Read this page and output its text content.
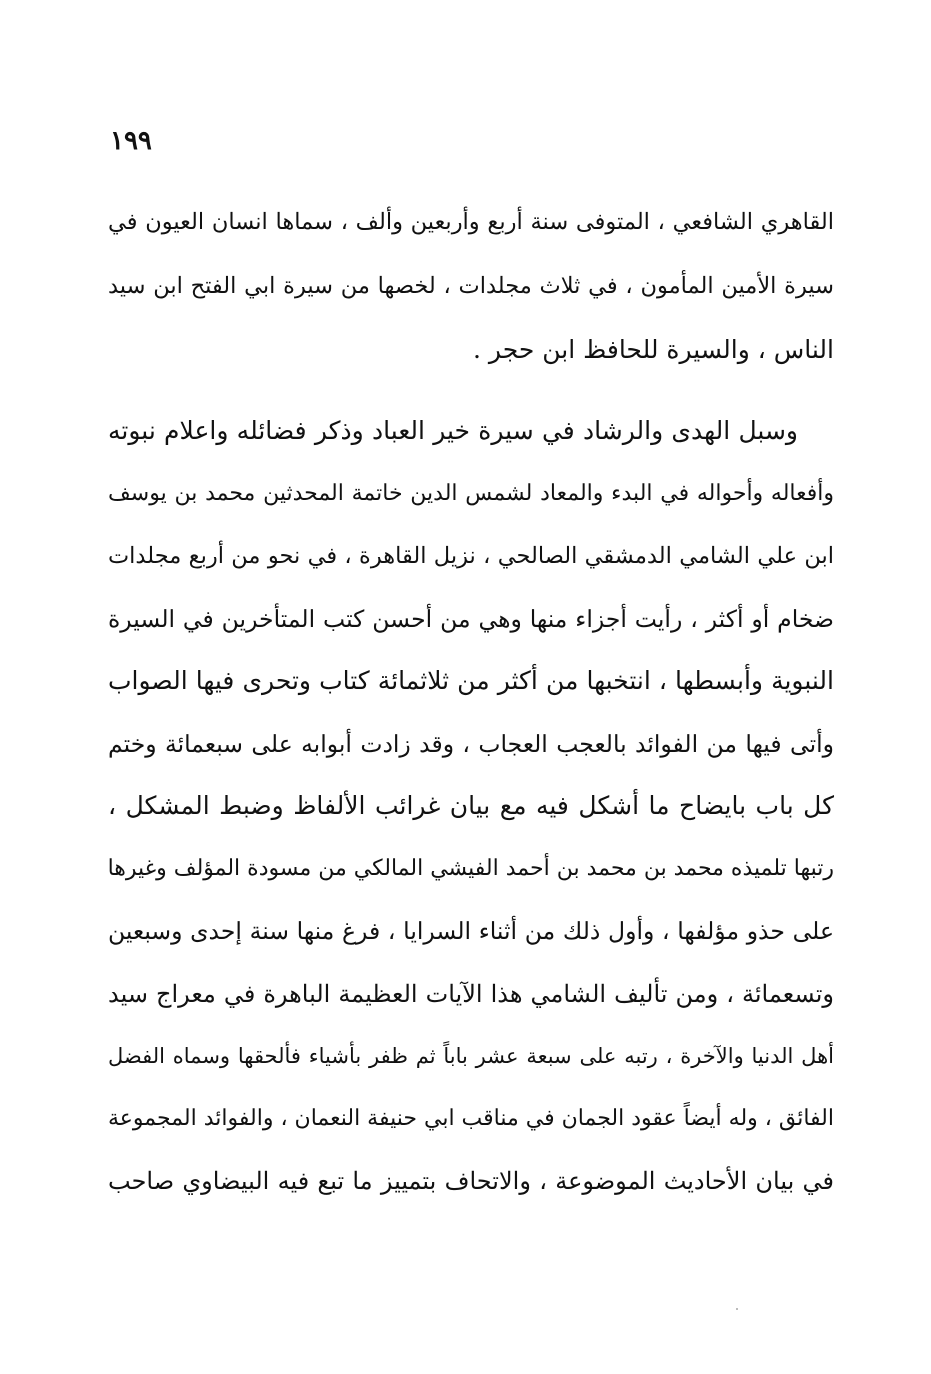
١٩٩
القاهري الشافعي ، المتوفى سنة أربع وأربعين وألف ، سماها انسان العيون في
سيرة الأمين المأمون ، في ثلاث مجلدات ، لخصها من سيرة ابي الفتح ابن سيد
الناس ، والسيرة للحافظ ابن حجر .
وسبل الهدى والرشاد في سيرة خير العباد وذكر فضائله واعلام نبوته
وأفعاله وأحواله في البدء والمعاد لشمس الدين خاتمة المحدثين محمد بن يوسف
ابن علي الشامي الدمشقي الصالحي ، نزيل القاهرة ، في نحو من أربع مجلدات
ضخام أو أكثر ، رأيت أجزاء منها وهي من أحسن كتب المتأخرين في السيرة
النبوية وأبسطها ، انتخبها من أكثر من ثلاثمائة كتاب وتحرى فيها الصواب
وأتى فيها من الفوائد بالعجب العجاب ، وقد زادت أبوابه على سبعمائة وختم
كل باب بايضاح ما أشكل فيه مع بيان غرائب الألفاظ وضبط المشكل ،
رتبها تلميذه محمد بن محمد بن أحمد الفيشي المالكي من مسودة المؤلف وغيرها
على حذو مؤلفها ، وأول ذلك من أثناء السرايا ، فرغ منها سنة إحدى وسبعين
وتسعمائة ، ومن تأليف الشامي هذا الآيات العظيمة الباهرة في معراج سيد
أهل الدنيا والآخرة ، رتبه على سبعة عشر باباً ثم ظفر بأشياء فألحقها وسماه الفضل
الفائق ، وله أيضاً عقود الجمان في مناقب ابي حنيفة النعمان ، والفوائد المجموعة
في بيان الأحاديث الموضوعة ، والاتحاف بتمييز ما تبع فيه البيضاوي صاحب
